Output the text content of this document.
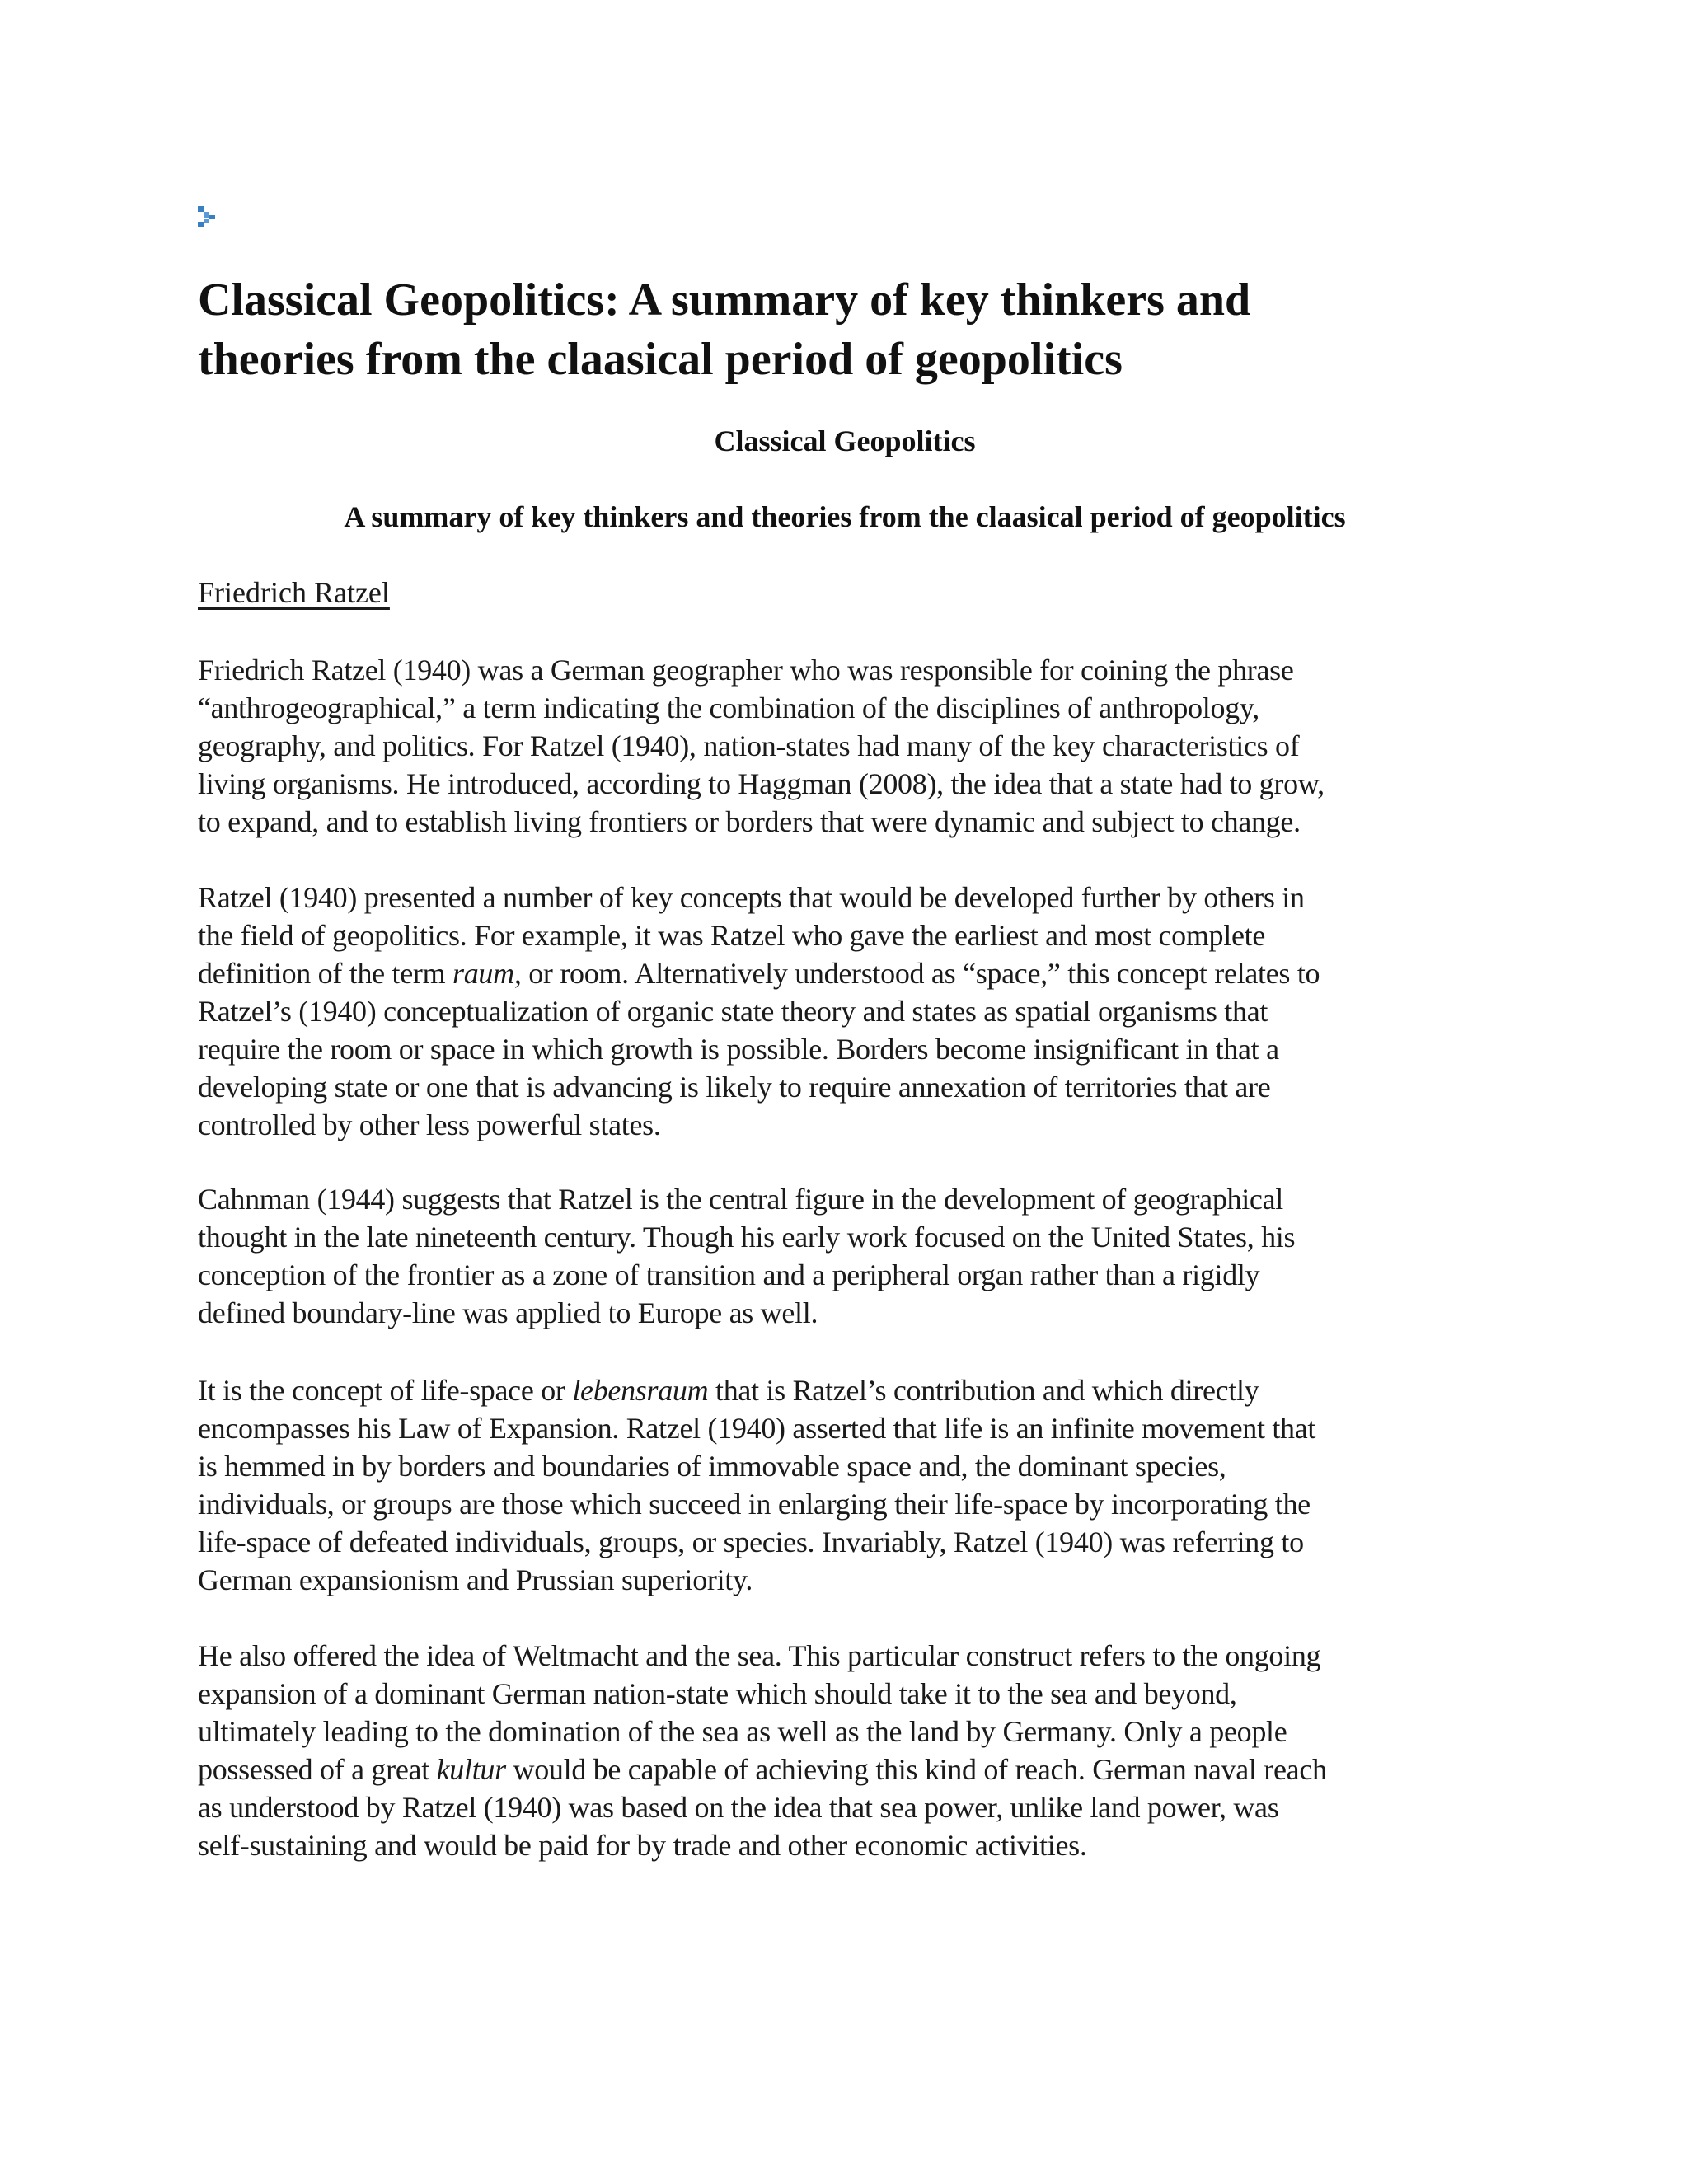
Classical Geopolitics: A summary of key thinkers and
theories from the claasical period of geopolitics

Classical Geopolitics

A summary of key thinkers and theories from the claasical period of geopolitics

Friedrich Ratzel

Friedrich Ratzel (1940) was a German geographer who was responsible for coining the phrase
“anthrogeographical,” a term indicating the combination of the disciplines of anthropology,
geography, and politics. For Ratzel (1940), nation-states had many of the key characteristics of
living organisms. He introduced, according to Haggman (2008), the idea that a state had to grow,
to expand, and to establish living frontiers or borders that were dynamic and subject to change.
Ratzel (1940) presented a number of key concepts that would be developed further by others in
the field of geopolitics. For example, it was Ratzel who gave the earliest and most complete
definition of the term raum, or room. Alternatively understood as “space,” this concept relates to
Ratzel’s (1940) conceptualization of organic state theory and states as spatial organisms that
require the room or space in which growth is possible. Borders become insignificant in that a
developing state or one that is advancing is likely to require annexation of territories that are
controlled by other less powerful states.
Cahnman (1944) suggests that Ratzel is the central figure in the development of geographical
thought in the late nineteenth century. Though his early work focused on the United States, his
conception of the frontier as a zone of transition and a peripheral organ rather than a rigidly
defined boundary-line was applied to Europe as well.
It is the concept of life-space or lebensraum that is Ratzel’s contribution and which directly
encompasses his Law of Expansion. Ratzel (1940) asserted that life is an infinite movement that
is hemmed in by borders and boundaries of immovable space and, the dominant species,
individuals, or groups are those which succeed in enlarging their life-space by incorporating the
life-space of defeated individuals, groups, or species. Invariably, Ratzel (1940) was referring to
German expansionism and Prussian superiority.
He also offered the idea of Weltmacht and the sea. This particular construct refers to the ongoing
expansion of a dominant German nation-state which should take it to the sea and beyond,
ultimately leading to the domination of the sea as well as the land by Germany. Only a people
possessed of a great kultur would be capable of achieving this kind of reach. German naval reach
as understood by Ratzel (1940) was based on the idea that sea power, unlike land power, was
self-sustaining and would be paid for by trade and other economic activities.
